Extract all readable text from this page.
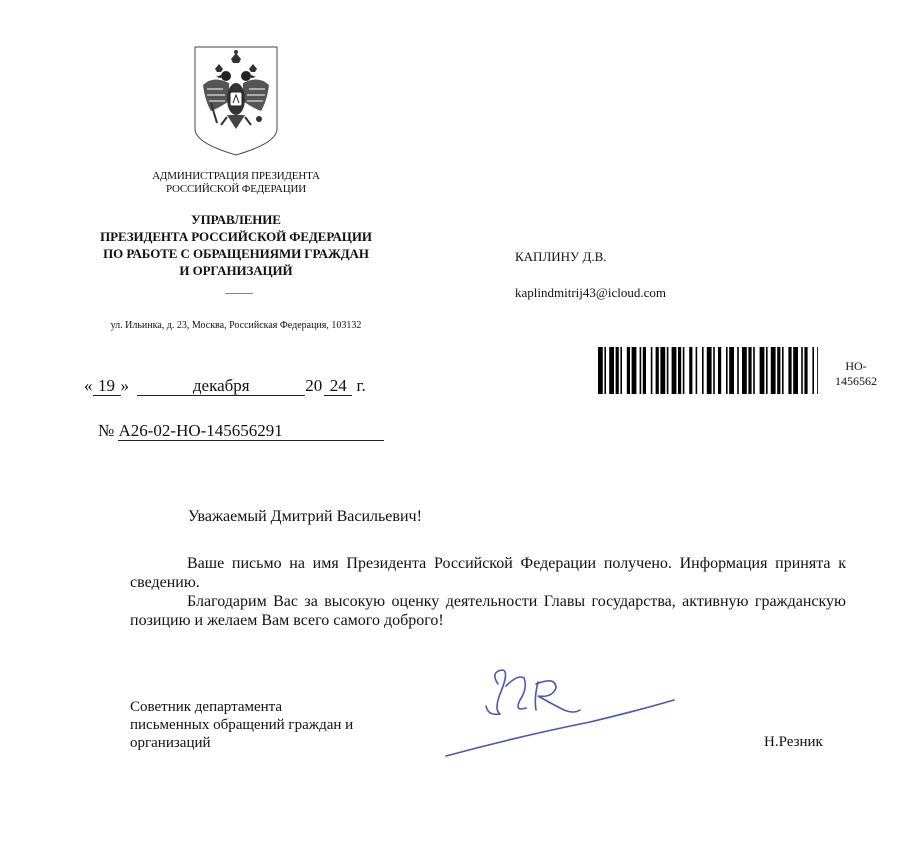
АДМИНИСТРАЦИЯ ПРЕЗИДЕНТА
РОССИЙСКОЙ ФЕДЕРАЦИИ
УПРАВЛЕНИЕ
ПРЕЗИДЕНТА РОССИЙСКОЙ ФЕДЕРАЦИИ
ПО РАБОТЕ С ОБРАЩЕНИЯМИ ГРАЖДАН
И ОРГАНИЗАЦИЙ
ул. Ильинка, д. 23, Москва, Российская Федерация, 103132
КАПЛИНУ Д.В.
kaplindmitrij43@icloud.com
НО-
1456562
« 19 »	декабря	20 24 г.
№ А26-02-НО-145656291
Уважаемый Дмитрий Васильевич!

Ваше письмо на имя Президента Российской Федерации получено. Информация принята к сведению.

Благодарим Вас за высокую оценку деятельности Главы государства, активную гражданскую позицию и желаем Вам всего самого доброго!

Советник департамента
письменных обращений граждан и
организаций	Н.Резник
